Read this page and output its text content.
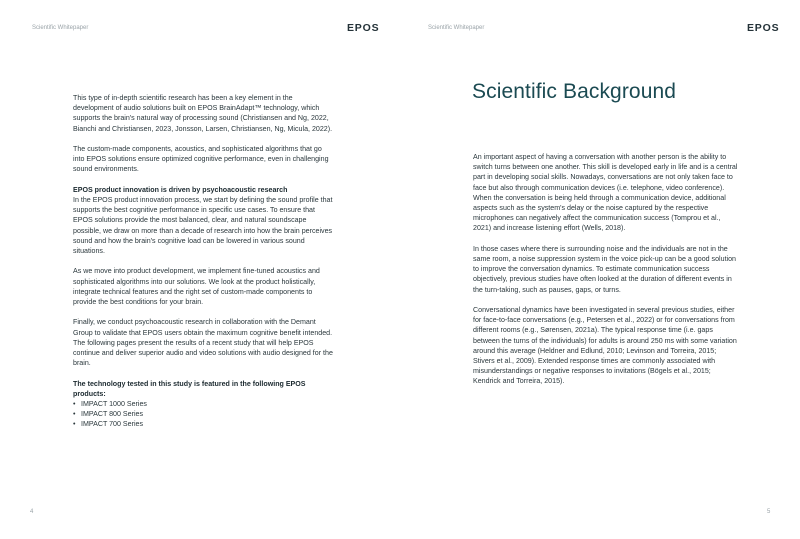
Scientific Whitepaper	EPOS

This type of in-depth scientific research has been a key element in the development of audio solutions built on EPOS BrainAdapt™ technology, which supports the brain's natural way of processing sound (Christiansen and Ng, 2022, Bianchi and Christiansen, 2023, Jonsson, Larsen, Christiansen, Ng, Micula, 2022).

The custom-made components, acoustics, and sophisticated algorithms that go into EPOS solutions ensure optimized cognitive performance, even in challenging sound environments.

EPOS product innovation is driven by psychoacoustic research

In the EPOS product innovation process, we start by defining the sound profile that supports the best cognitive performance in specific use cases. To ensure that EPOS solutions provide the most balanced, clear, and natural soundscape possible, we draw on more than a decade of research into how the brain perceives sound and how the brain's cognitive load can be lowered in various sound situations.

As we move into product development, we implement fine-tuned acoustics and sophisticated algorithms into our solutions. We look at the product holistically, integrate technical features and the right set of custom-made components to provide the best conditions for your brain.

Finally, we conduct psychoacoustic research in collaboration with the Demant Group to validate that EPOS users obtain the maximum cognitive benefit intended. The following pages present the results of a recent study that will help EPOS continue and deliver superior audio and video solutions with audio designed for the brain.

The technology tested in this study is featured in the following EPOS products:
• IMPACT 1000 Series
• IMPACT 800 Series
• IMPACT 700 Series
4
Scientific Whitepaper	EPOS
Scientific Background

An important aspect of having a conversation with another person is the ability to switch turns between one another. This skill is developed early in life and is a central part in developing social skills. Nowadays, conversations are not only taken face to face but also through communication devices (i.e. telephone, video conference). When the conversation is being held through a communication device, additional aspects such as the system's delay or the noise captured by the respective microphones can negatively affect the communication success (Tomprou et al., 2021) and increase listening effort (Wells, 2018).

In those cases where there is surrounding noise and the individuals are not in the same room, a noise suppression system in the voice pick-up can be a good solution to improve the conversation dynamics. To estimate communication success objectively, previous studies have often looked at the duration of different events in the turn-taking, such as pauses, gaps, or turns.

Conversational dynamics have been investigated in several previous studies, either for face-to-face conversations (e.g., Petersen et al., 2022) or for conversations from different rooms (e.g., Sørensen, 2021a). The typical response time (i.e. gaps between the turns of the individuals) for adults is around 250 ms with some variation around this average (Heldner and Edlund, 2010; Levinson and Torreira, 2015; Stivers et al., 2009). Extended response times are commonly associated with misunderstandings or negative responses to invitations (Bögels et al., 2015; Kendrick and Torreira, 2015).

5
